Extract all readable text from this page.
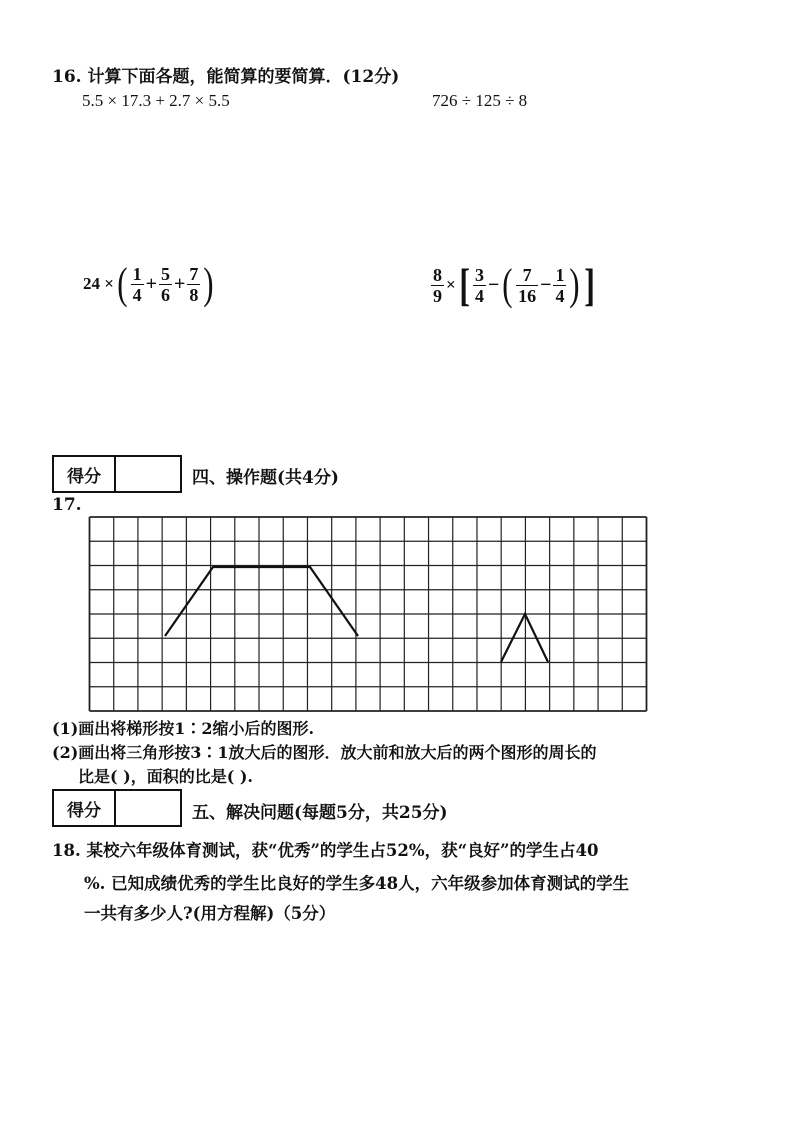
16. 计算下面各题，能简算的要简算．(12分)
5.5 × 17.3 + 2.7 × 5.5	726 ÷ 125 ÷ 8
24 × ( $\frac{1}{4} + \frac{5}{6} + \frac{7}{8}$ )	$\frac{8}{9}$ × [ $\frac{3}{4}$ − ( $\frac{7}{16} - \frac{1}{4}$ ) ]
得分	四、操作题(共4分)
17.
(1)画出将梯形按1∶2缩小后的图形.
(2)画出将三角形按3∶1放大后的图形．放大前和放大后的两个图形的周长的
比是( )，面积的比是( ).
得分	五、解决问题(每题5分，共25分)
18. 某校六年级体育测试，获“优秀”的学生占52%，获“良好”的学生占40
%. 已知成绩优秀的学生比良好的学生多48人，六年级参加体育测试的学生
一共有多少人?(用方程解)（5分）
